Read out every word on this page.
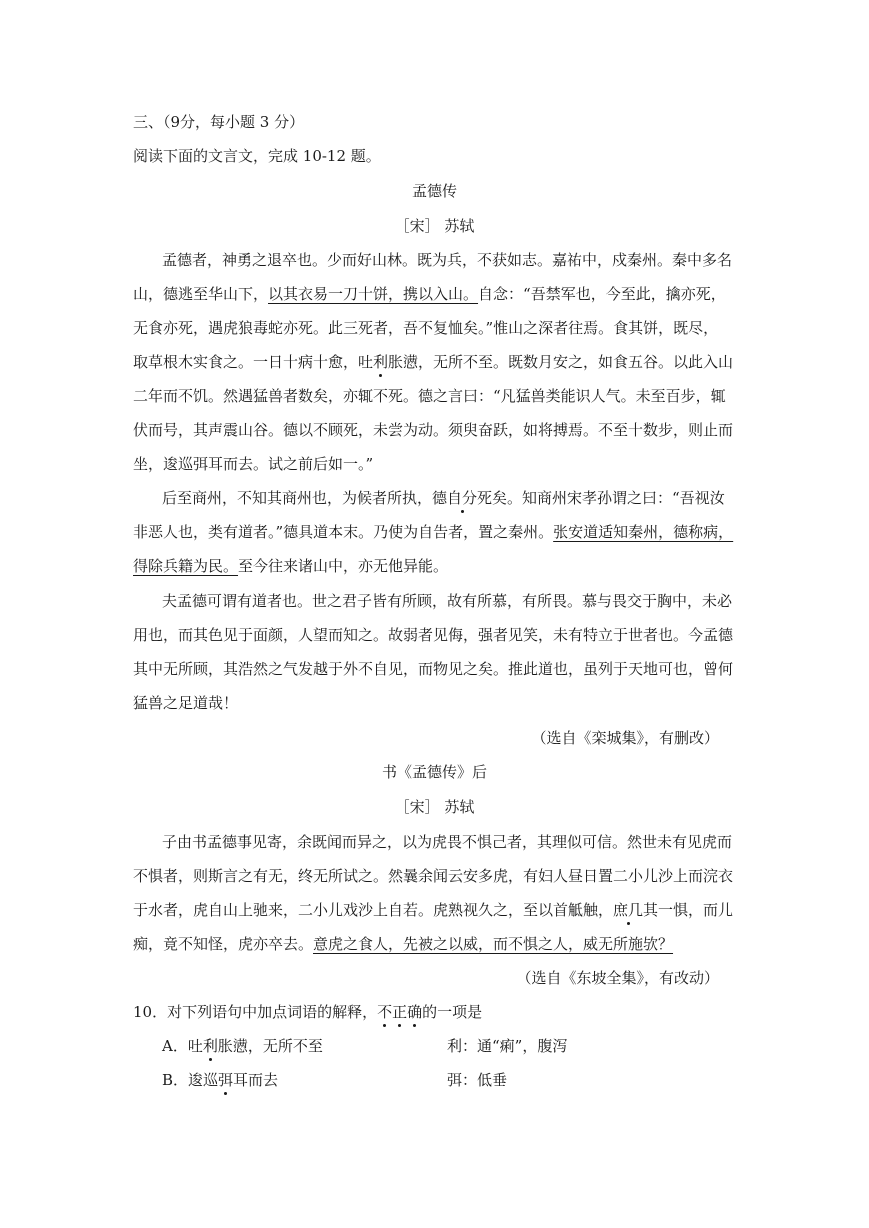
三、（9分，每小题 3 分）
阅读下面的文言文，完成 10-12 题。
孟德传
［宋］ 苏轼
孟德者，神勇之退卒也。少而好山林。既为兵，不获如志。嘉祐中，戍秦州。秦中多名
山，德逃至华山下，以其衣易一刀十饼，携以入山。自念：“吾禁军也，今至此，擒亦死，
无食亦死，遇虎狼毒蛇亦死。此三死者，吾不复恤矣。”惟山之深者往焉。食其饼，既尽，
取草根木实食之。一日十病十愈，吐利胀懑，无所不至。既数月安之，如食五谷。以此入山
二年而不饥。然遇猛兽者数矣，亦辄不死。德之言曰：“凡猛兽类能识人气。未至百步，辄
伏而号，其声震山谷。德以不顾死，未尝为动。须臾奋跃，如将搏焉。不至十数步，则止而
坐，逡巡弭耳而去。试之前后如一。”
后至商州，不知其商州也，为候者所执，德自分死矣。知商州宋孝孙谓之曰：“吾视汝
非恶人也，类有道者。”德具道本末。乃使为自告者，置之秦州。张安道适知秦州，德称病，
得除兵籍为民。至今往来诸山中，亦无他异能。
夫孟德可谓有道者也。世之君子皆有所顾，故有所慕，有所畏。慕与畏交于胸中，未必
用也，而其色见于面颜，人望而知之。故弱者见侮，强者见笑，未有特立于世者也。今孟德
其中无所顾，其浩然之气发越于外不自见，而物见之矣。推此道也，虽列于天地可也，曾何
猛兽之足道哉！
（选自《栾城集》，有删改）
书《孟德传》后
［宋］ 苏轼
子由书孟德事见寄，余既闻而异之，以为虎畏不惧己者，其理似可信。然世未有见虎而
不惧者，则斯言之有无，终无所试之。然曩余闻云安多虎，有妇人昼日置二小儿沙上而浣衣
于水者，虎自山上驰来，二小儿戏沙上自若。虎熟视久之，至以首觝触，庶几其一惧，而儿
痴，竟不知怪，虎亦卒去。意虎之食人，先被之以威，而不惧之人，威无所施欤？
（选自《东坡全集》，有改动）
10．对下列语句中加点词语的解释，不正确的一项是
A．吐利胀懑，无所不至	利：通“痢”，腹泻
B．逡巡弭耳而去	弭：低垂
